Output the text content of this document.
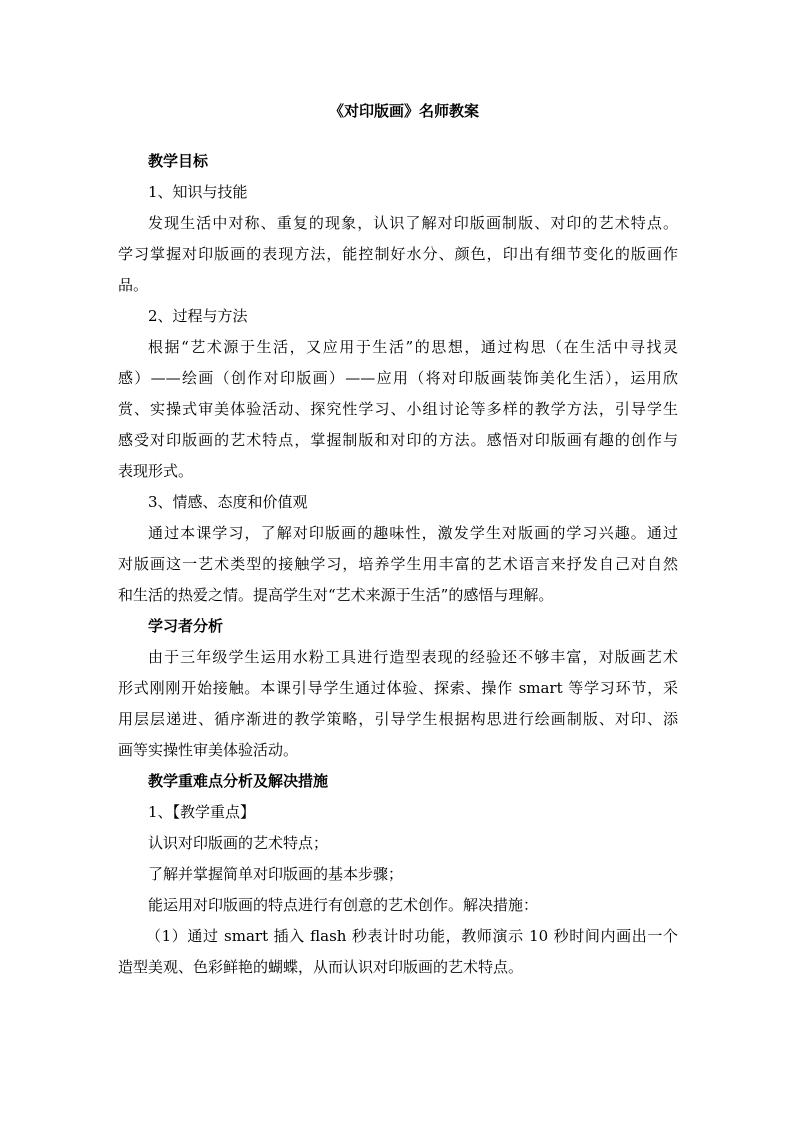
《对印版画》名师教案

教学目标

1、知识与技能

发现生活中对称、重复的现象，认识了解对印版画制版、对印的艺术特点。

学习掌握对印版画的表现方法，能控制好水分、颜色，印出有细节变化的版画作

品。

2、过程与方法

根据“艺术源于生活，又应用于生活”的思想，通过构思（在生活中寻找灵

感）——绘画（创作对印版画）——应用（将对印版画装饰美化生活），运用欣

赏、实操式审美体验活动、探究性学习、小组讨论等多样的教学方法，引导学生

感受对印版画的艺术特点，掌握制版和对印的方法。感悟对印版画有趣的创作与

表现形式。

3、情感、态度和价值观

通过本课学习，了解对印版画的趣味性，激发学生对版画的学习兴趣。通过

对版画这一艺术类型的接触学习，培养学生用丰富的艺术语言来抒发自己对自然

和生活的热爱之情。提高学生对“艺术来源于生活”的感悟与理解。

学习者分析

由于三年级学生运用水粉工具进行造型表现的经验还不够丰富，对版画艺术

形式刚刚开始接触。本课引导学生通过体验、探索、操作 smart 等学习环节，采

用层层递进、循序渐进的教学策略，引导学生根据构思进行绘画制版、对印、添

画等实操性审美体验活动。

教学重难点分析及解决措施

1、【教学重点】

认识对印版画的艺术特点；

了解并掌握简单对印版画的基本步骤；

能运用对印版画的特点进行有创意的艺术创作。解决措施：

（1）通过 smart 插入 flash 秒表计时功能，教师演示 10 秒时间内画出一个

造型美观、色彩鲜艳的蝴蝶，从而认识对印版画的艺术特点。
